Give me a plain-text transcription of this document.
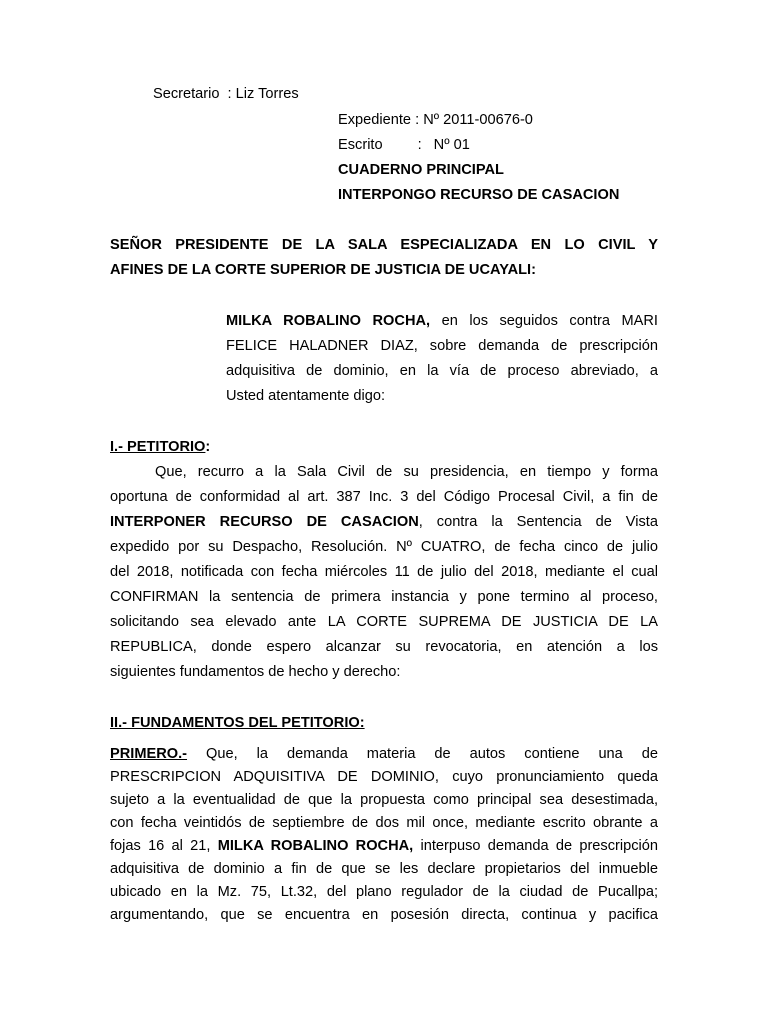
Secretario : Liz Torres
Expediente : Nº 2011-00676-0
Escrito : Nº 01
CUADERNO PRINCIPAL
INTERPONGO RECURSO DE CASACION
SEÑOR PRESIDENTE DE LA SALA ESPECIALIZADA EN LO CIVIL Y
AFINES DE LA CORTE SUPERIOR DE JUSTICIA DE UCAYALI:
MILKA ROBALINO ROCHA, en los seguidos contra MARI
FELICE HALADNER DIAZ, sobre demanda de prescripción
adquisitiva de dominio, en la vía de proceso abreviado, a
Usted atentamente digo:
I.- PETITORIO:
Que, recurro a la Sala Civil de su presidencia, en tiempo y forma
oportuna de conformidad al art. 387 Inc. 3 del Código Procesal Civil, a fin de
INTERPONER RECURSO DE CASACION, contra la Sentencia de Vista
expedido por su Despacho, Resolución. Nº CUATRO, de fecha cinco de julio
del 2018, notificada con fecha miércoles 11 de julio del 2018, mediante el cual
CONFIRMAN la sentencia de primera instancia y pone termino al proceso,
solicitando sea elevado ante LA CORTE SUPREMA DE JUSTICIA DE LA
REPUBLICA, donde espero alcanzar su revocatoria, en atención a los
siguientes fundamentos de hecho y derecho:
II.- FUNDAMENTOS DEL PETITORIO:
PRIMERO.- Que, la demanda materia de autos contiene una de
PRESCRIPCION ADQUISITIVA DE DOMINIO, cuyo pronunciamiento queda
sujeto a la eventualidad de que la propuesta como principal sea desestimada,
con fecha veintidós de septiembre de dos mil once, mediante escrito obrante a
fojas 16 al 21, MILKA ROBALINO ROCHA, interpuso demanda de prescripción
adquisitiva de dominio a fin de que se les declare propietarios del inmueble
ubicado en la Mz. 75, Lt.32, del plano regulador de la ciudad de Pucallpa;
argumentando, que se encuentra en posesión directa, continua y pacifica
